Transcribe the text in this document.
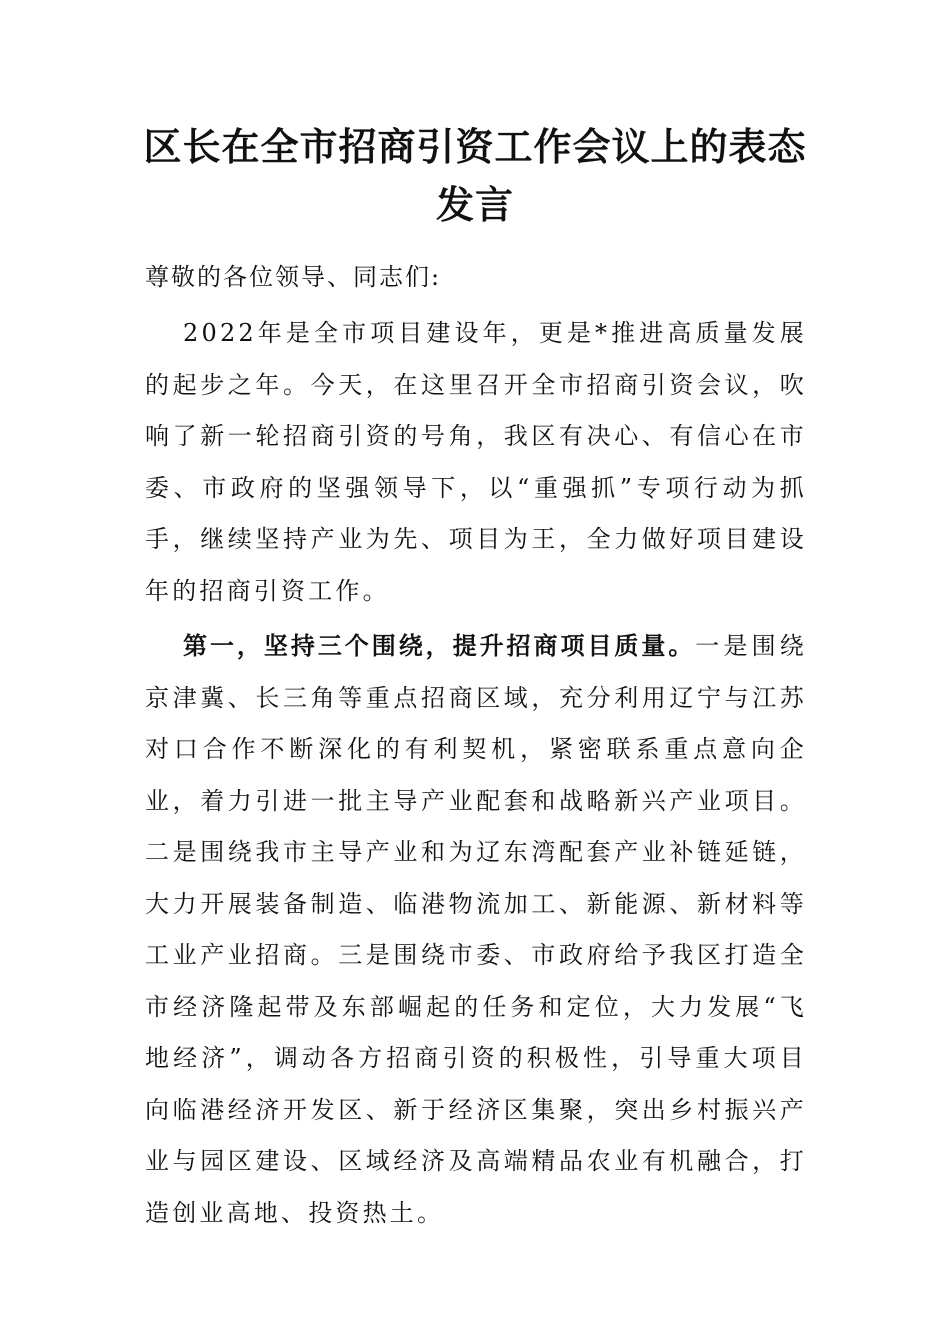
区长在全市招商引资工作会议上的表态发言

尊敬的各位领导、同志们:

2022年是全市项目建设年，更是*推进高质量发展的起步之年。今天，在这里召开全市招商引资会议，吹响了新一轮招商引资的号角，我区有决心、有信心在市委、市政府的坚强领导下，以“重强抓”专项行动为抓手，继续坚持产业为先、项目为王，全力做好项目建设年的招商引资工作。

第一，坚持三个围绕，提升招商项目质量。一是围绕京津冀、长三角等重点招商区域，充分利用辽宁与江苏对口合作不断深化的有利契机，紧密联系重点意向企业，着力引进一批主导产业配套和战略新兴产业项目。二是围绕我市主导产业和为辽东湾配套产业补链延链，大力开展装备制造、临港物流加工、新能源、新材料等工业产业招商。三是围绕市委、市政府给予我区打造全市经济隆起带及东部崛起的任务和定位，大力发展“飞地经济”，调动各方招商引资的积极性，引导重大项目向临港经济开发区、新于经济区集聚，突出乡村振兴产业与园区建设、区域经济及高端精品农业有机融合，打造创业高地、投资热土。
